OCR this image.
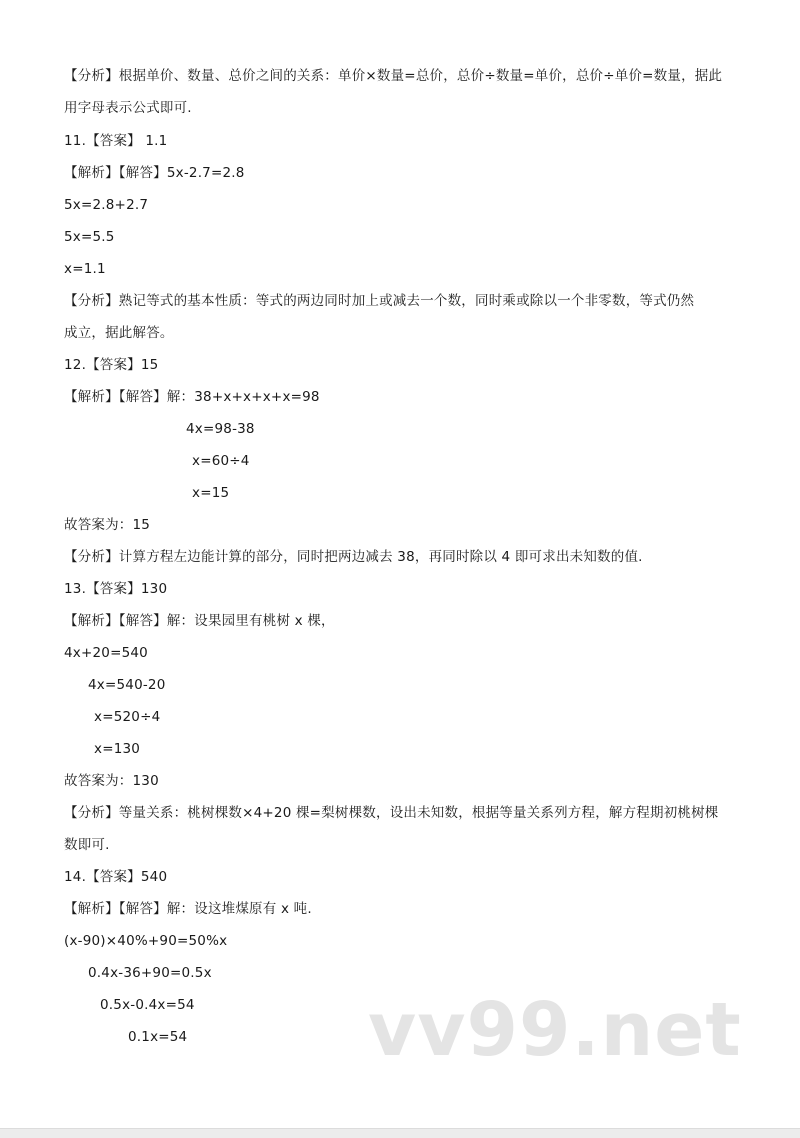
【分析】根据单价、数量、总价之间的关系：单价×数量=总价，总价÷数量=单价，总价÷单价=数量，据此
用字母表示公式即可.
11.【答案】 1.1
【解析】【解答】5x-2.7=2.8
5x=2.8+2.7
5x=5.5
x=1.1
【分析】熟记等式的基本性质：等式的两边同时加上或减去一个数，同时乘或除以一个非零数，等式仍然
成立，据此解答。
12.【答案】15
【解析】【解答】解：38+x+x+x+x=98
4x=98-38
x=60÷4
x=15
故答案为：15
【分析】计算方程左边能计算的部分，同时把两边减去 38，再同时除以 4 即可求出未知数的值.
13.【答案】130
【解析】【解答】解：设果园里有桃树 x 棵，
4x+20=540
4x=540-20
x=520÷4
x=130
故答案为：130
【分析】等量关系：桃树棵数×4+20 棵=梨树棵数，设出未知数，根据等量关系列方程，解方程期初桃树棵
数即可.
14.【答案】540
【解析】【解答】解：设这堆煤原有 x 吨.
(x-90)×40%+90=50%x
0.4x-36+90=0.5x
0.5x-0.4x=54
0.1x=54 vv99.net
